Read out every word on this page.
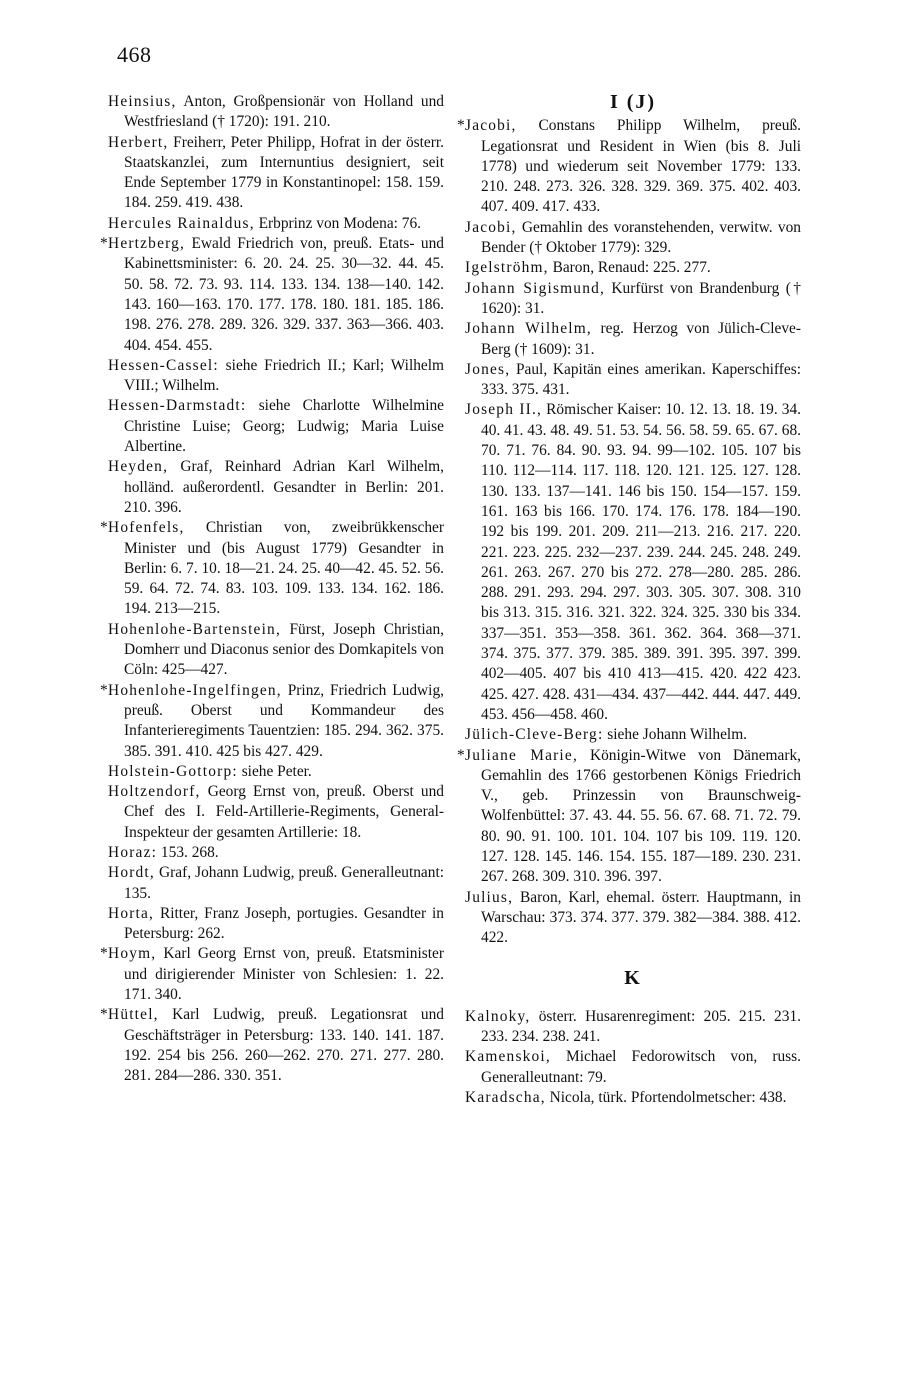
468
Heinsius, Anton, Großpensionär von Holland und Westfriesland († 1720): 191. 210.
Herbert, Freiherr, Peter Philipp, Hofrat in der österr. Staatskanzlei, zum Internuntius designiert, seit Ende September 1779 in Konstantinopel: 158. 159. 184. 259. 419. 438.
Hercules Rainaldus, Erbprinz von Modena: 76.
* Hertzberg, Ewald Friedrich von, preuß. Etats- und Kabinettsminister: 6. 20. 24. 25. 30—32. 44. 45. 50. 58. 72. 73. 93. 114. 133. 134. 138—140. 142. 143. 160—163. 170. 177. 178. 180. 181. 185. 186. 198. 276. 278. 289. 326. 329. 337. 363—366. 403. 404. 454. 455.
Hessen-Cassel: siehe Friedrich II.; Karl; Wilhelm VIII.; Wilhelm.
Hessen-Darmstadt: siehe Charlotte Wilhelmine Christine Luise; Georg; Ludwig; Maria Luise Albertine.
Heyden, Graf, Reinhard Adrian Karl Wilhelm, holländ. außerordentl. Gesandter in Berlin: 201. 210. 396.
* Hofenfels, Christian von, zweibrükkenscher Minister und (bis August 1779) Gesandter in Berlin: 6. 7. 10. 18—21. 24. 25. 40—42. 45. 52. 56. 59. 64. 72. 74. 83. 103. 109. 133. 134. 162. 186. 194. 213—215.
Hohenlohe-Bartenstein, Fürst, Joseph Christian, Domherr und Diaconus senior des Domkapitels von Cöln: 425—427.
* Hohenlohe-Ingelfingen, Prinz, Friedrich Ludwig, preuß. Oberst und Kommandeur des Infanterieregiments Tauentzien: 185. 294. 362. 375. 385. 391. 410. 425 bis 427. 429.
Holstein-Gottorp: siehe Peter.
Holtzendorf, Georg Ernst von, preuß. Oberst und Chef des I. Feld-Artillerie-Regiments, General-Inspekteur der gesamten Artillerie: 18.
Horaz: 153. 268.
Hordt, Graf, Johann Ludwig, preuß. Generalleutnant: 135.
Horta, Ritter, Franz Joseph, portugies. Gesandter in Petersburg: 262.
* Hoym, Karl Georg Ernst von, preuß. Etatsminister und dirigierender Minister von Schlesien: 1. 22. 171. 340.
* Hüttel, Karl Ludwig, preuß. Legationsrat und Geschäftsträger in Petersburg: 133. 140. 141. 187. 192. 254 bis 256. 260—262. 270. 271. 277. 280. 281. 284—286. 330. 351.
I (J)
* Jacobi, Constans Philipp Wilhelm, preuß. Legationsrat und Resident in Wien (bis 8. Juli 1778) und wiederum seit November 1779: 133. 210. 248. 273. 326. 328. 329. 369. 375. 402. 403. 407. 409. 417. 433.
Jacobi, Gemahlin des voranstehenden, verwitw. von Bender († Oktober 1779): 329.
Igelströhm, Baron, Renaud: 225. 277.
Johann Sigismund, Kurfürst von Brandenburg († 1620): 31.
Johann Wilhelm, reg. Herzog von Jülich-Cleve-Berg († 1609): 31.
Jones, Paul, Kapitän eines amerikan. Kaperschiffes: 333. 375. 431.
Joseph II., Römischer Kaiser: 10. 12. 13. 18. 19. 34. 40. 41. 43. 48. 49. 51. 53. 54. 56. 58. 59. 65. 67. 68. 70. 71. 76. 84. 90. 93. 94. 99—102. 105. 107 bis 110. 112—114. 117. 118. 120. 121. 125. 127. 128. 130. 133. 137—141. 146 bis 150. 154—157. 159. 161. 163 bis 166. 170. 174. 176. 178. 184—190. 192 bis 199. 201. 209. 211—213. 216. 217. 220. 221. 223. 225. 232—237. 239. 244. 245. 248. 249. 261. 263. 267. 270 bis 272. 278—280. 285. 286. 288. 291. 293. 294. 297. 303. 305. 307. 308. 310 bis 313. 315. 316. 321. 322. 324. 325. 330 bis 334. 337—351. 353—358. 361. 362. 364. 368—371. 374. 375. 377. 379. 385. 389. 391. 395. 397. 399. 402—405. 407 bis 410 413—415. 420. 422 423. 425. 427. 428. 431—434. 437—442. 444. 447. 449. 453. 456—458. 460.
Jülich-Cleve-Berg: siehe Johann Wilhelm.
* Juliane Marie, Königin-Witwe von Dänemark, Gemahlin des 1766 gestorbenen Königs Friedrich V., geb. Prinzessin von Braunschweig-Wolfenbüttel: 37. 43. 44. 55. 56. 67. 68. 71. 72. 79. 80. 90. 91. 100. 101. 104. 107 bis 109. 119. 120. 127. 128. 145. 146. 154. 155. 187—189. 230. 231. 267. 268. 309. 310. 396. 397.
Julius, Baron, Karl, ehemal. österr. Hauptmann, in Warschau: 373. 374. 377. 379. 382—384. 388. 412. 422.
K
Kalnoky, österr. Husarenregiment: 205. 215. 231. 233. 234. 238. 241.
Kamenskoi, Michael Fedorowitsch von, russ. Generalleutnant: 79.
Karadscha, Nicola, türk. Pfortendolmetscher: 438.
